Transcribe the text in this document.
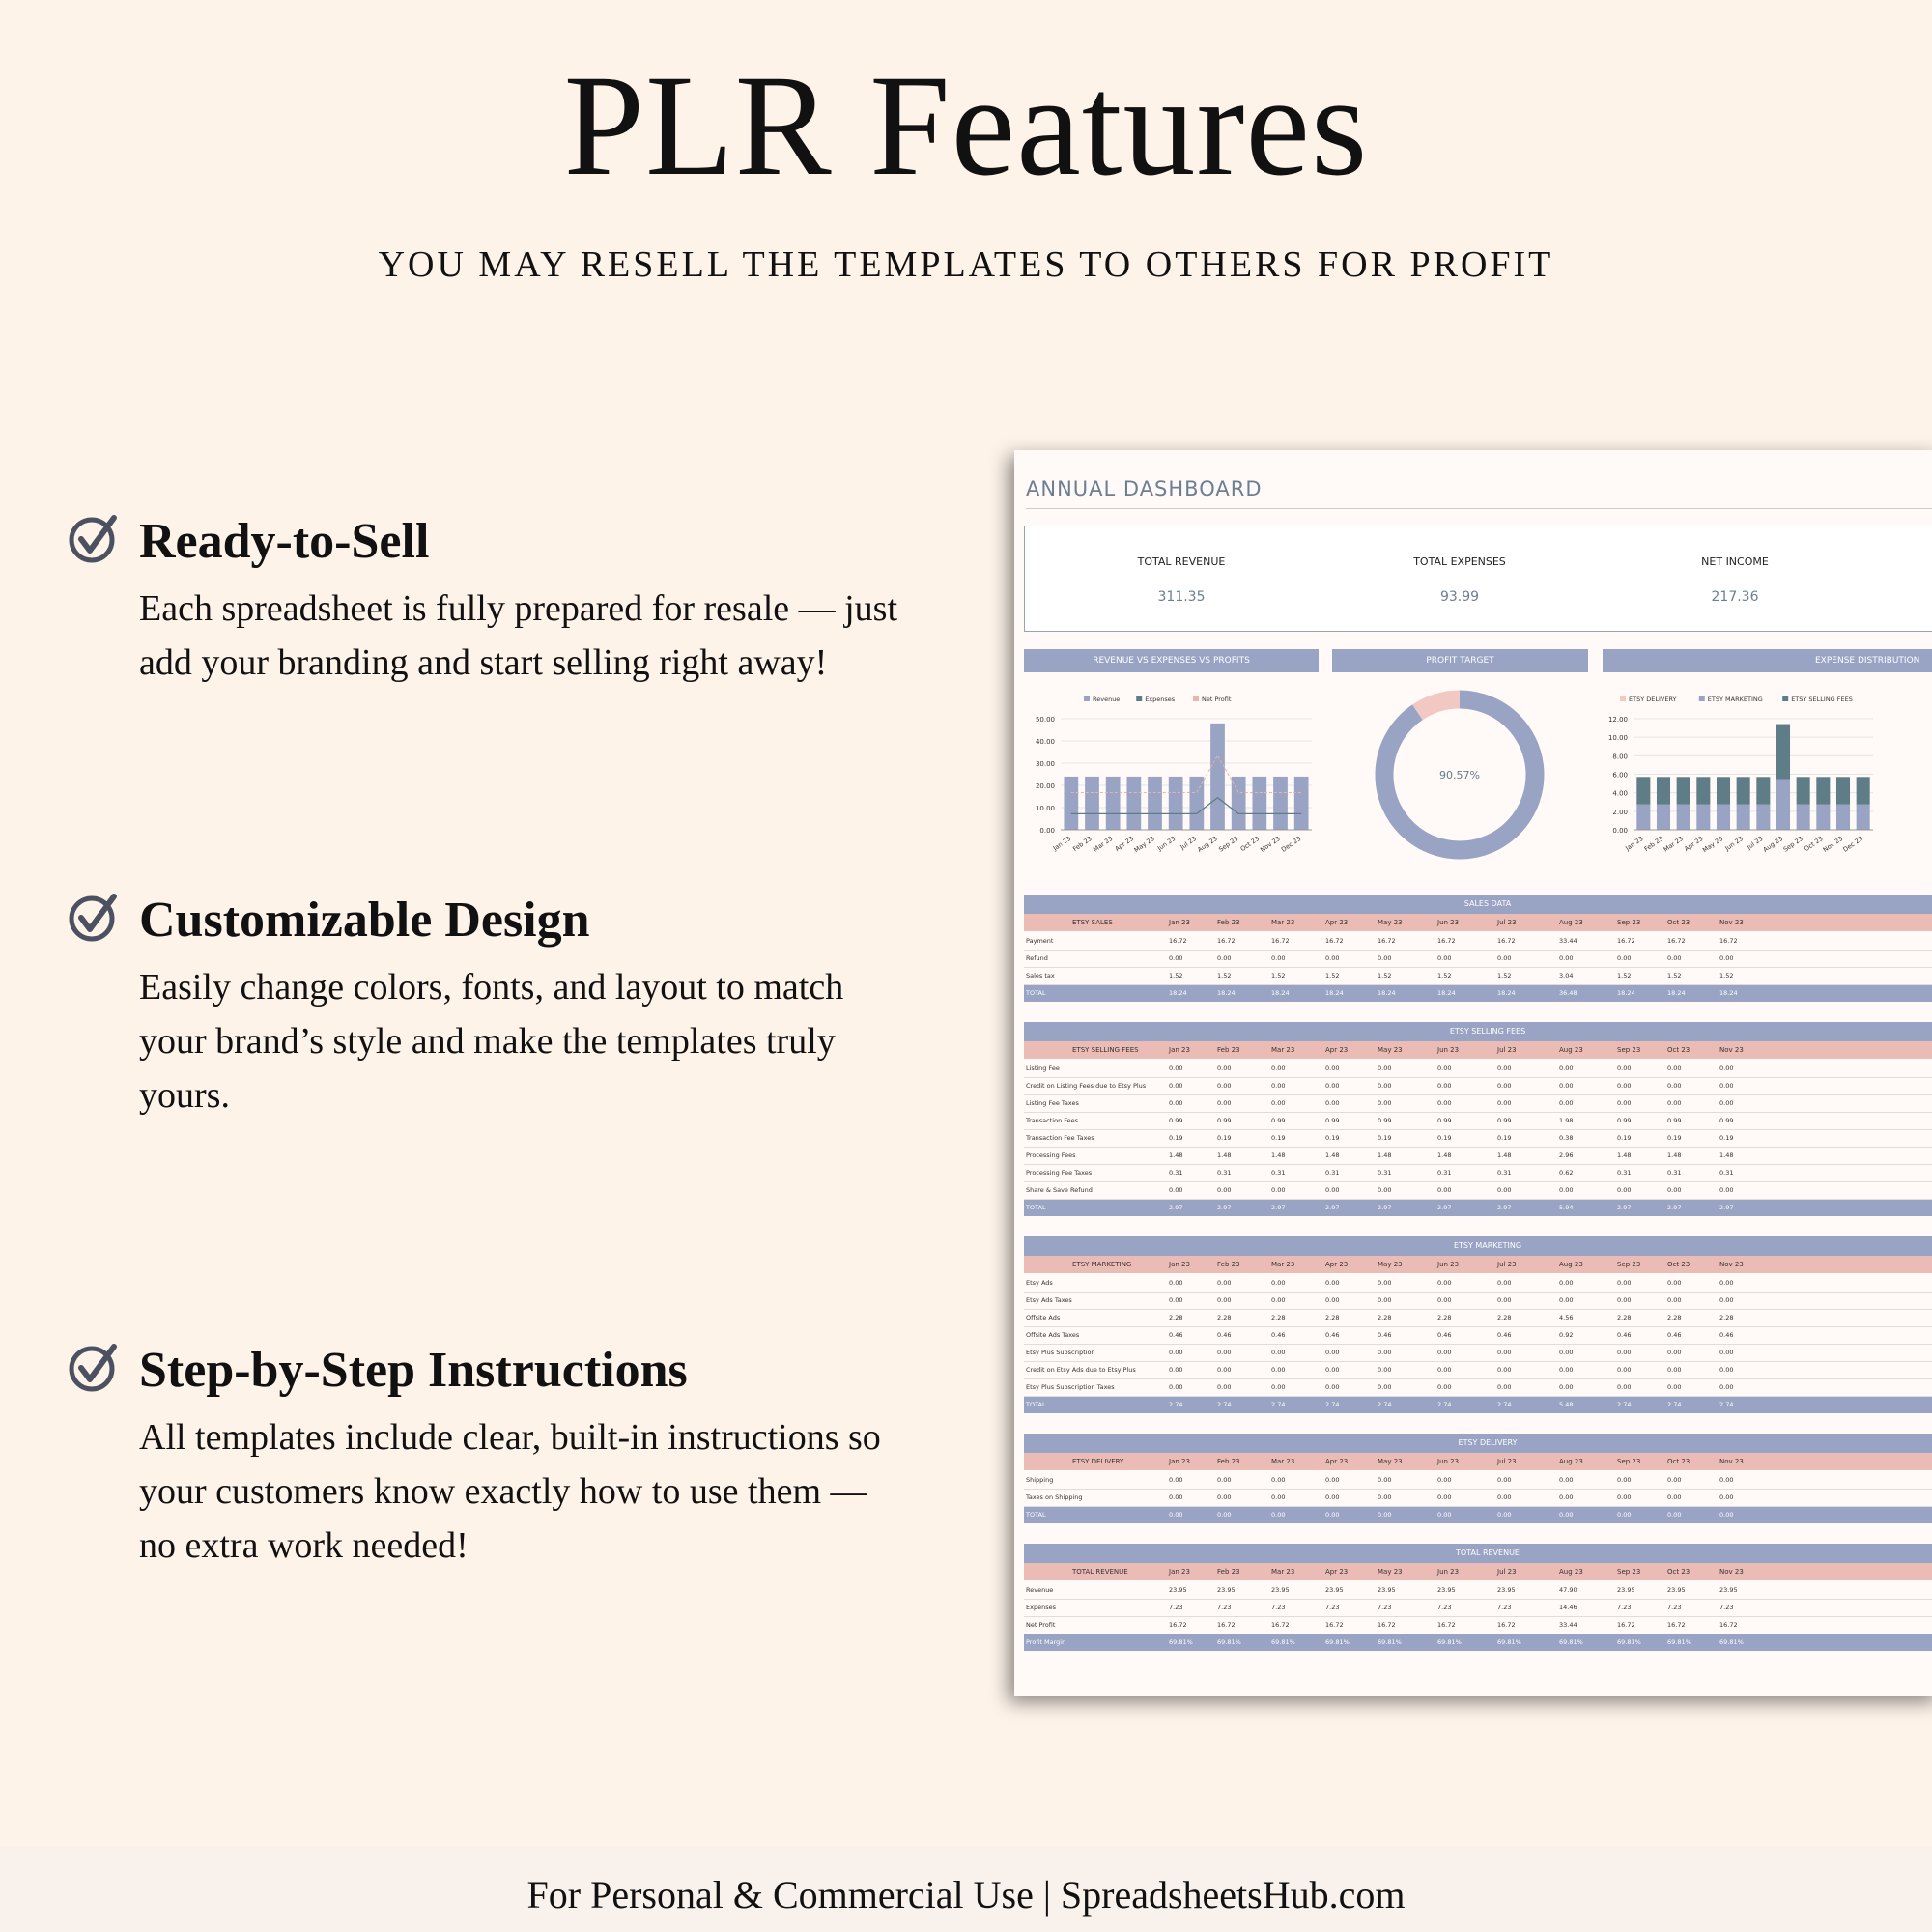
PLR Features
YOU MAY RESELL THE TEMPLATES TO OTHERS FOR PROFIT
Ready-to-Sell

Each spreadsheet is fully prepared for resale — just add your branding and start selling right away!

Customizable Design

Easily change colors, fonts, and layout to match your brand’s style and make the templates truly yours.

Step-by-Step Instructions

All templates include clear, built-in instructions so your customers know exactly how to use them — no extra work needed!

ANNUAL DASHBOARD
TOTAL REVENUE
311.35
TOTAL EXPENSES
93.99
NET INCOME
217.36
REVENUE VS EXPENSES VS PROFITS	PROFIT TARGET	EXPENSE DISTRIBUTION
Revenue	Expenses	Net Profit
0.00
10.00
20.00
30.00
40.00
50.00
Jan 23 Feb 23
Mar 23 Apr 23
May 23 Jun 23 Jul 23
Aug 23
Sep 23 Oct 23
Nov 23
Dec 23
90.57%
ETSY DELIVERY	ETSY MARKETING	ETSY SELLING FEES
0.00
2.00
4.00
6.00
8.00
10.00
12.00
Jan 23
Feb 23
Mar 23
Apr 23
May 23 Jun 23 Jul 23
Aug 23
Sep 23
Oct 23
Nov 23
Dec 23
SALES DATA
ETSY SALES	Jan 23	Feb 23	Mar 23	Apr 23	May 23	Jun 23	Jul 23	Aug 23	Sep 23	Oct 23	Nov 23
Payment	16.72	16.72	16.72	16.72	16.72	16.72	16.72	33.44	16.72	16.72	16.72
Refund	0.00	0.00	0.00	0.00	0.00	0.00	0.00	0.00	0.00	0.00	0.00
Sales tax	1.52	1.52	1.52	1.52	1.52	1.52	1.52	3.04	1.52	1.52	1.52
TOTAL	18.24	18.24	18.24	18.24	18.24	18.24	18.24	36.48	18.24	18.24	18.24
ETSY SELLING FEES
ETSY SELLING FEES	Jan 23	Feb 23	Mar 23	Apr 23	May 23	Jun 23	Jul 23	Aug 23	Sep 23	Oct 23	Nov 23
Listing Fee	0.00	0.00	0.00	0.00	0.00	0.00	0.00	0.00	0.00	0.00	0.00
Credit on Listing Fees due to Etsy Plus	0.00	0.00	0.00	0.00	0.00	0.00	0.00	0.00	0.00	0.00	0.00
Listing Fee Taxes	0.00	0.00	0.00	0.00	0.00	0.00	0.00	0.00	0.00	0.00	0.00
Transaction Fees	0.99	0.99	0.99	0.99	0.99	0.99	0.99	1.98	0.99	0.99	0.99
Transaction Fee Taxes	0.19	0.19	0.19	0.19	0.19	0.19	0.19	0.38	0.19	0.19	0.19
Processing Fees	1.48	1.48	1.48	1.48	1.48	1.48	1.48	2.96	1.48	1.48	1.48
Processing Fee Taxes	0.31	0.31	0.31	0.31	0.31	0.31	0.31	0.62	0.31	0.31	0.31
Share & Save Refund	0.00	0.00	0.00	0.00	0.00	0.00	0.00	0.00	0.00	0.00	0.00
TOTAL	2.97	2.97	2.97	2.97	2.97	2.97	2.97	5.94	2.97	2.97	2.97
ETSY MARKETING
ETSY MARKETING	Jan 23	Feb 23	Mar 23	Apr 23	May 23	Jun 23	Jul 23	Aug 23	Sep 23	Oct 23	Nov 23
Etsy Ads	0.00	0.00	0.00	0.00	0.00	0.00	0.00	0.00	0.00	0.00	0.00
Etsy Ads Taxes	0.00	0.00	0.00	0.00	0.00	0.00	0.00	0.00	0.00	0.00	0.00
Offsite Ads	2.28	2.28	2.28	2.28	2.28	2.28	2.28	4.56	2.28	2.28	2.28
Offsite Ads Taxes	0.46	0.46	0.46	0.46	0.46	0.46	0.46	0.92	0.46	0.46	0.46
Etsy Plus Subscription	0.00	0.00	0.00	0.00	0.00	0.00	0.00	0.00	0.00	0.00	0.00
Credit on Etsy Ads due to Etsy Plus	0.00	0.00	0.00	0.00	0.00	0.00	0.00	0.00	0.00	0.00	0.00
Etsy Plus Subscription Taxes	0.00	0.00	0.00	0.00	0.00	0.00	0.00	0.00	0.00	0.00	0.00
TOTAL	2.74	2.74	2.74	2.74	2.74	2.74	2.74	5.48	2.74	2.74	2.74
ETSY DELIVERY
ETSY DELIVERY	Jan 23	Feb 23	Mar 23	Apr 23	May 23	Jun 23	Jul 23	Aug 23	Sep 23	Oct 23	Nov 23
Shipping	0.00	0.00	0.00	0.00	0.00	0.00	0.00	0.00	0.00	0.00	0.00
Taxes on Shipping	0.00	0.00	0.00	0.00	0.00	0.00	0.00	0.00	0.00	0.00	0.00
TOTAL	0.00	0.00	0.00	0.00	0.00	0.00	0.00	0.00	0.00	0.00	0.00
TOTAL REVENUE
TOTAL REVENUE	Jan 23	Feb 23	Mar 23	Apr 23	May 23	Jun 23	Jul 23	Aug 23	Sep 23	Oct 23	Nov 23
Revenue	23.95	23.95	23.95	23.95	23.95	23.95	23.95	47.90	23.95	23.95	23.95
Expenses	7.23	7.23	7.23	7.23	7.23	7.23	7.23	14.46	7.23	7.23	7.23
Net Profit	16.72	16.72	16.72	16.72	16.72	16.72	16.72	33.44	16.72	16.72	16.72
Profit Margin	69.81%	69.81%	69.81%	69.81%	69.81%	69.81%	69.81%	69.81%	69.81%	69.81%	69.81%
For Personal & Commercial Use | SpreadsheetsHub.com
